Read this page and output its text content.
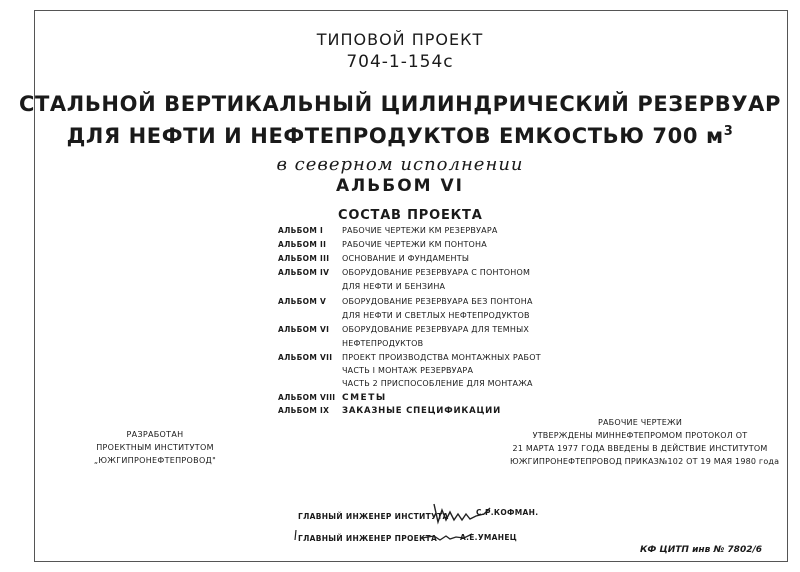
ТИПОВОЙ ПРОЕКТ
704-1-154с
СТАЛЬНОЙ ВЕРТИКАЛЬНЫЙ ЦИЛИНДРИЧЕСКИЙ РЕЗЕРВУАР
ДЛЯ НЕФТИ И НЕФТЕПРОДУКТОВ ЕМКОСТЬЮ 700 $м^3$
в северном исполнении
АЛЬБОМ VI
СОСТАВ ПРОЕКТА
АЛЬБОМ I РАБОЧИЕ ЧЕРТЕЖИ КМ РЕЗЕРВУАРА
АЛЬБОМ II РАБОЧИЕ ЧЕРТЕЖИ КМ ПОНТОНА
АЛЬБОМ III ОСНОВАНИЕ И ФУНДАМЕНТЫ
АЛЬБОМ IV ОБОРУДОВАНИЕ РЕЗЕРВУАРА С ПОНТОНОМ
ДЛЯ НЕФТИ И БЕНЗИНА
АЛЬБОМ V ОБОРУДОВАНИЕ РЕЗЕРВУАРА БЕЗ ПОНТОНА
ДЛЯ НЕФТИ И СВЕТЛЫХ НЕФТЕПРОДУКТОВ
АЛЬБОМ VI ОБОРУДОВАНИЕ РЕЗЕРВУАРА ДЛЯ ТЕМНЫХ
НЕФТЕПРОДУКТОВ
АЛЬБОМ VII ПРОЕКТ ПРОИЗВОДСТВА МОНТАЖНЫХ РАБОТ
ЧАСТЬ I МОНТАЖ РЕЗЕРВУАРА
ЧАСТЬ 2 ПРИСПОСОБЛЕНИЕ ДЛЯ МОНТАЖА
АЛЬБОМ VIII СМЕТЫ
АЛЬБОМ IX ЗАКАЗНЫЕ СПЕЦИФИКАЦИИ
РАЗРАБОТАН
ПРОЕКТНЫМ ИНСТИТУТОМ
„ЮЖГИПРОНЕФТЕПРОВОД"
РАБОЧИЕ ЧЕРТЕЖИ
УТВЕРЖДЕНЫ МИННЕФТЕПРОМОМ ПРОТОКОЛ ОТ
21 МАРТА 1977 ГОДА ВВЕДЕНЫ В ДЕЙСТВИЕ ИНСТИТУТОМ
ЮЖГИПРОНЕФТЕПРОВОД ПРИКАЗ№102 ОТ 19 МАЯ 1980 года
ГЛАВНЫЙ ИНЖЕНЕР ИНСТИТУТА	С.Р.КОФМАН.
ГЛАВНЫЙ ИНЖЕНЕР ПРОЕКТА	А.Е.УМАНЕЦ
КФ ЦИТП инв № 7802/6
